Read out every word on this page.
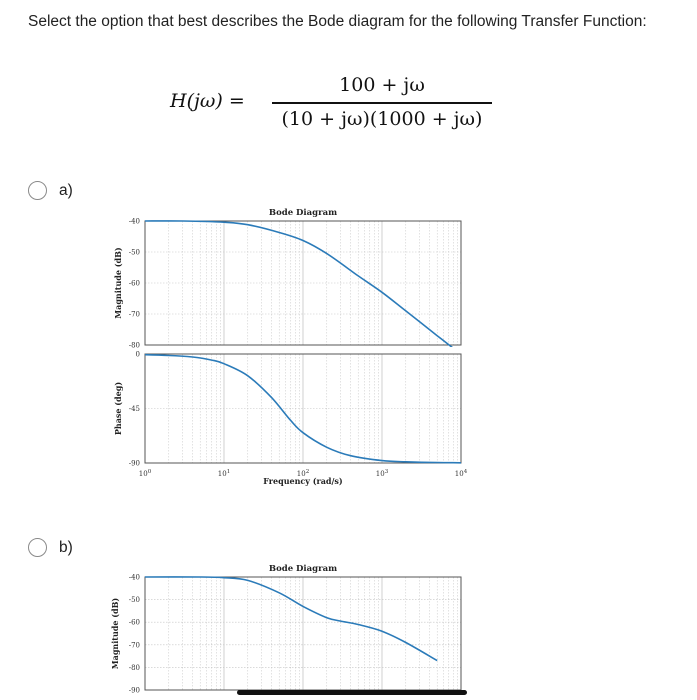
Select the option that best describes the Bode diagram for the following Transfer Function:

H(jω) =
100 + jω
(10 + jω)(1000 + jω)
a)
b)
-40
-50
-60
-70
-80
Bode Diagram
Magnitude (dB)
0
-45
-90
Phase (deg)
$10^0$	$10^1$	$10^2$	$10^3$	$10^4$
Frequency (rad/s)
-40
-50
-60
-70
-80
-90
Bode Diagram
Magnitude (dB)
